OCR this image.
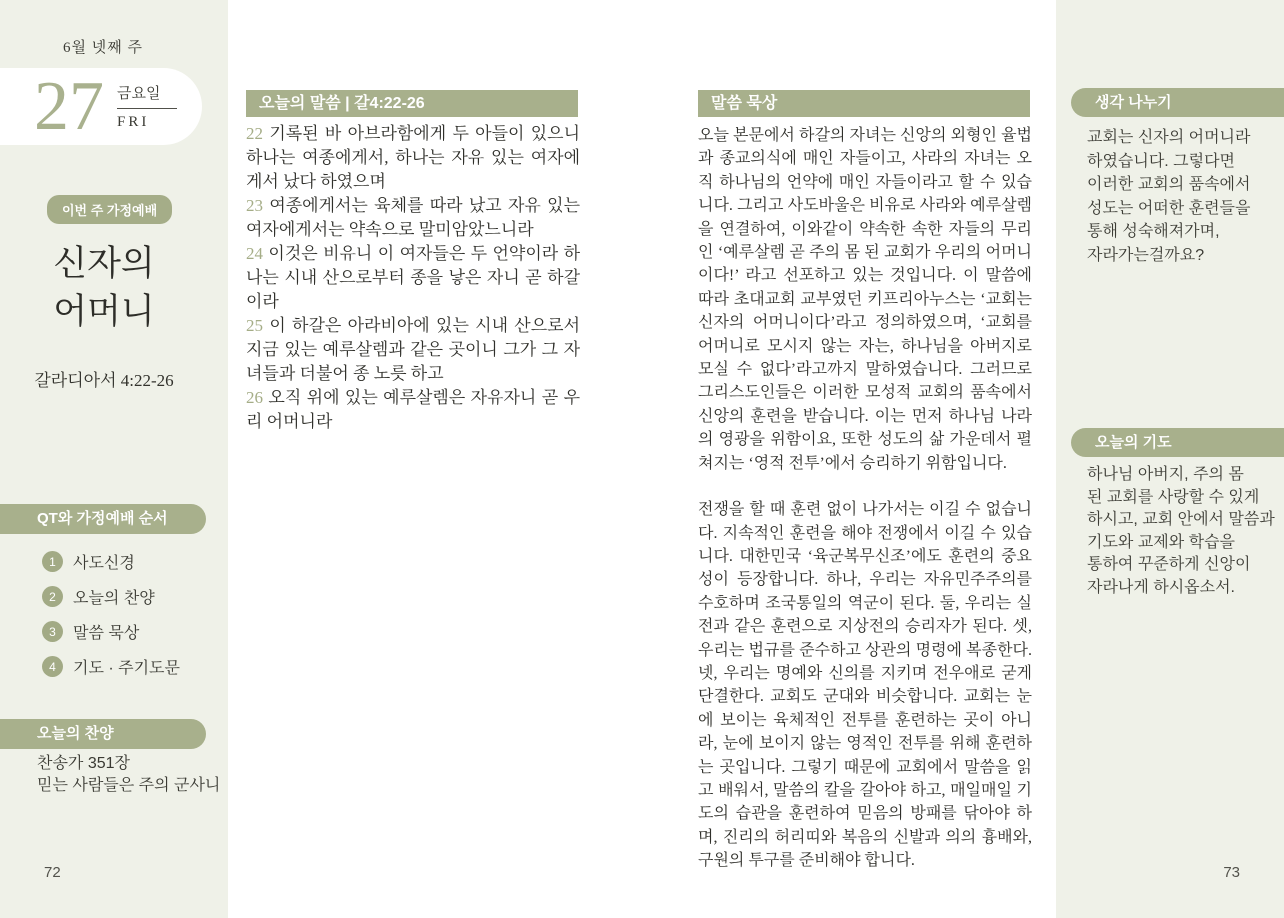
6월 넷째 주
27 금요일
FRI
이번 주 가정예배
신자의
어머니
갈라디아서 4:22-26
QT와 가정예배 순서
1	사도신경
2	오늘의 찬양
3	말씀 묵상
4	기도 · 주기도문
오늘의 찬양
찬송가 351장
믿는 사람들은 주의 군사니
72
오늘의 말씀 | 갈4:22-26

22 기록된 바 아브라함에게 두 아들이 있으니 하나는 여종에게서, 하나는 자유 있는 여자에게서 났다 하였으며

23 여종에게서는 육체를 따라 났고 자유 있는 여자에게서는 약속으로 말미암았느니라

24 이것은 비유니 이 여자들은 두 언약이라 하나는 시내 산으로부터 종을 낳은 자니 곧 하갈이라

25 이 하갈은 아라비아에 있는 시내 산으로서 지금 있는 예루살렘과 같은 곳이니 그가 그 자녀들과 더불어 종 노릇 하고

26 오직 위에 있는 예루살렘은 자유자니 곧 우리 어머니라

말씀 묵상

오늘 본문에서 하갈의 자녀는 신앙의 외형인 율법과 종교의식에 매인 자들이고, 사라의 자녀는 오직 하나님의 언약에 매인 자들이라고 할 수 있습니다. 그리고 사도바울은 비유로 사라와 예루살렘을 연결하여, 이와같이 약속한 속한 자들의 무리인 ‘예루살렘 곧 주의 몸 된 교회가 우리의 어머니이다!’ 라고 선포하고 있는 것입니다. 이 말씀에 따라 초대교회 교부였던 키프리아누스는 ‘교회는 신자의 어머니이다’라고 정의하였으며, ‘교회를 어머니로 모시지 않는 자는, 하나님을 아버지로 모실 수 없다’라고까지 말하였습니다. 그러므로 그리스도인들은 이러한 모성적 교회의 품속에서 신앙의 훈련을 받습니다. 이는 먼저 하나님 나라의 영광을 위함이요, 또한 성도의 삶 가운데서 펼쳐지는 ‘영적 전투’에서 승리하기 위함입니다.

전쟁을 할 때 훈련 없이 나가서는 이길 수 없습니다. 지속적인 훈련을 해야 전쟁에서 이길 수 있습니다. 대한민국 ‘육군복무신조’에도 훈련의 중요성이 등장합니다. 하나, 우리는 자유민주주의를 수호하며 조국통일의 역군이 된다. 둘, 우리는 실전과 같은 훈련으로 지상전의 승리자가 된다. 셋, 우리는 법규를 준수하고 상관의 명령에 복종한다. 넷, 우리는 명예와 신의를 지키며 전우애로 굳게 단결한다. 교회도 군대와 비슷합니다. 교회는 눈에 보이는 육체적인 전투를 훈련하는 곳이 아니라, 눈에 보이지 않는 영적인 전투를 위해 훈련하는 곳입니다. 그렇기 때문에 교회에서 말씀을 읽고 배워서, 말씀의 칼을 갈아야 하고, 매일매일 기도의 습관을 훈련하여 믿음의 방패를 닦아야 하며, 진리의 허리띠와 복음의 신발과 의의 흉배와, 구원의 투구를 준비해야 합니다.

생각 나누기
교회는 신자의 어머니라
하였습니다. 그렇다면
이러한 교회의 품속에서
성도는 어떠한 훈련들을
통해 성숙해져가며,
자라가는걸까요?
오늘의 기도
하나님 아버지, 주의 몸
된 교회를 사랑할 수 있게
하시고, 교회 안에서 말씀과
기도와 교제와 학습을
통하여 꾸준하게 신앙이
자라나게 하시옵소서.
73
